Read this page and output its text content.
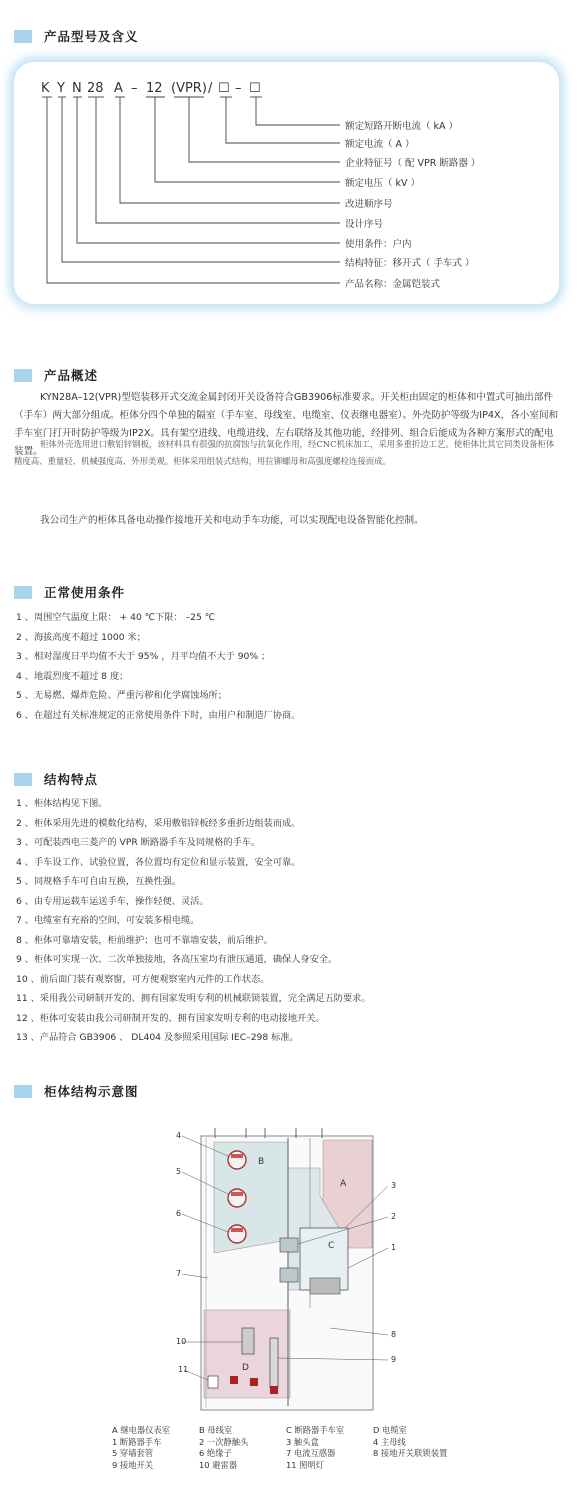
产品型号及含义
K Y N 28 A – 12 (VPR) / ☐ – ☐
额定短路开断电流（ kA ）
额定电流（ A ）
企业特征号（ 配 VPR 断路器 ）
额定电压（ kV ）
改进顺序号
设计序号
使用条件：户内
结构特征：移开式（ 手车式 ）
产品名称：金属铠装式
产品概述
KYN28A–12(VPR)型铠装移开式交流金属封闭开关设备符合GB3906标准要求。开关柜由固定的柜体和中置式可抽出部件（手车）两大部分组成。柜体分四个单独的隔室（手车室、母线室、电缆室、仪表继电器室）。外壳防护等级为IP4X，各小室间和手车室门打开时防护等级为IP2X。具有架空进线、电缆进线、左右联络及其他功能，经排列、组合后能成为各种方案形式的配电装置。
柜体外壳选用进口敷铝锌钢板，该材料具有很强的抗腐蚀与抗氧化作用，经CNC机床加工，采用多重折边工艺。使柜体比其它同类设备柜体精度高、重量轻、机械强度高、外形美观。柜体采用组装式结构，用拉铆螺母和高强度螺栓连接而成。
我公司生产的柜体具备电动操作接地开关和电动手车功能，可以实现配电设备智能化控制。
正常使用条件
1 、周围空气温度上限： + 40 ℃下限： –25 ℃
2 、海拔高度不超过 1000 米；
3 、相对湿度日平均值不大于 95% ，月平均值不大于 90% ；
4 、地震烈度不超过 8 度；
5 、无易燃、爆炸危险、严重污秽和化学腐蚀场所；
6 、在超过有关标准规定的正常使用条件下时，由用户和制造厂协商。
结构特点
1 、柜体结构见下图。
2 、柜体采用先进的模数化结构，采用敷铝锌板经多重折边组装而成。
3 、可配装西电三菱产的 VPR 断路器手车及同规格的手车。
4 、手车设工作、试验位置，各位置均有定位和显示装置，安全可靠。
5 、同规格手车可自由互换，互换性强。
6 、由专用运载车运送手车，操作轻便、灵活。
7 、电缆室有充裕的空间，可安装多根电缆。
8 、柜体可靠墙安装，柜前维护；也可不靠墙安装，前后维护。
9 、柜体可实现一次、二次单独接地，各高压室均有泄压通道，确保人身安全。
10 、前后面门装有观察窗，可方便观察室内元件的工作状态。
11 、采用我公司研制开发的、拥有国家发明专利的机械联锁装置，完全满足五防要求。
12 、柜体可安装由我公司研制开发的、拥有国家发明专利的电动接地开关。
13 、产品符合 GB3906 、 DL404 及参照采用国际 IEC–298 标准。
柜体结构示意图
B
A
C
D
4
5
6
7
10
11
3
2
1
8
9
A 继电器仪表室	B 母线室	C 断路器手车室	D 电缆室
1 断路器手车	2 一次静触头	3 触头盒	4 主母线
5 穿墙套管	6 绝缘子	7 电流互感器	8 接地开关联锁装置
9 接地开关	10 避雷器	11 照明灯
